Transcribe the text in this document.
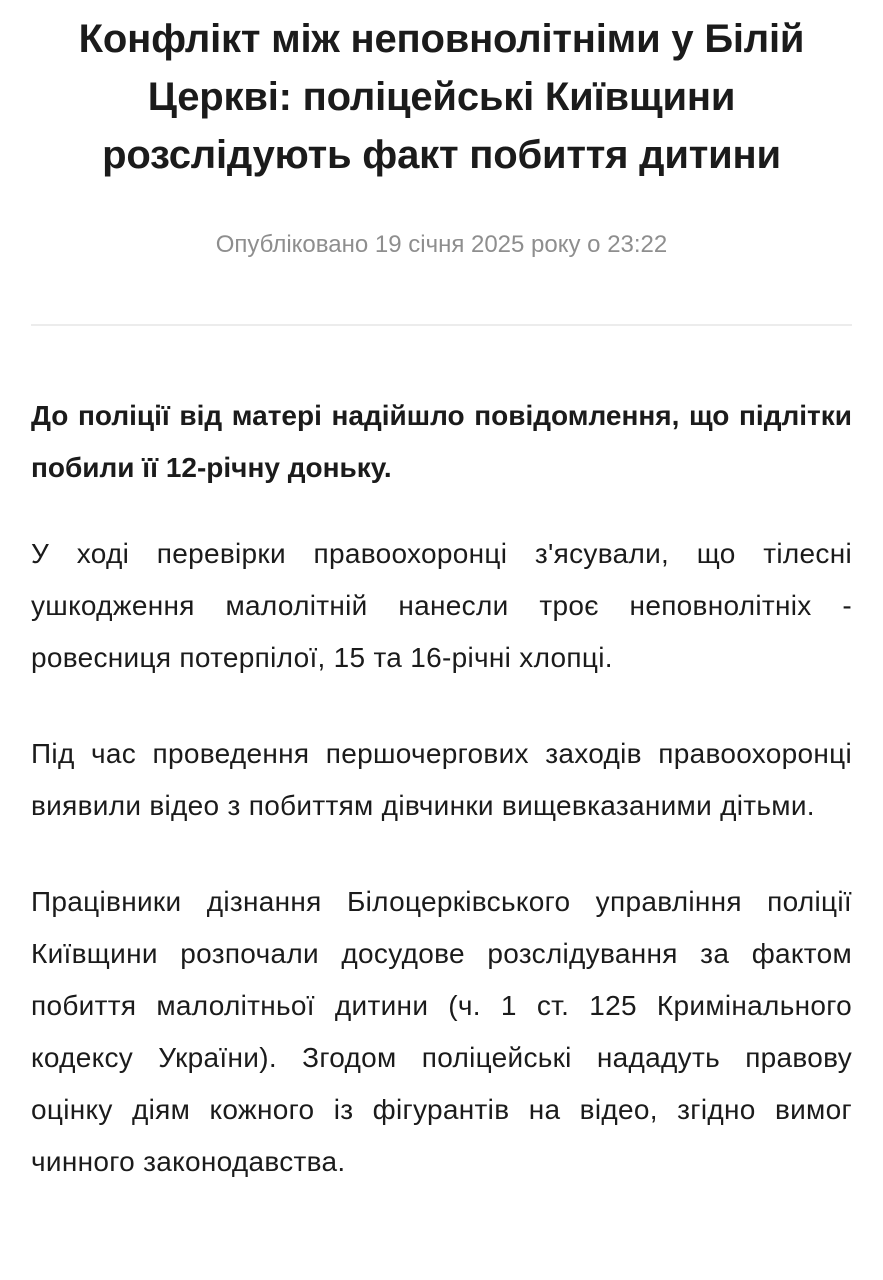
Конфлікт між неповнолітніми у Білій Церкві: поліцейські Київщини розслідують факт побиття дитини
Опубліковано 19 січня 2025 року о 23:22

До поліції від матері надійшло повідомлення, що підлітки побили її 12-річну доньку.

У ході перевірки правоохоронці з'ясували, що тілесні ушкодження малолітній нанесли троє неповнолітніх - ровесниця потерпілої, 15 та 16-річні хлопці.

Під час проведення першочергових заходів правоохоронці виявили відео з побиттям дівчинки вищевказаними дітьми.

Працівники дізнання Білоцерківського управління поліції Київщини розпочали досудове розслідування за фактом побиття малолітньої дитини (ч. 1 ст. 125 Кримінального кодексу України). Згодом поліцейські нададуть правову оцінку діям кожного із фігурантів на відео, згідно вимог чинного законодавства.
